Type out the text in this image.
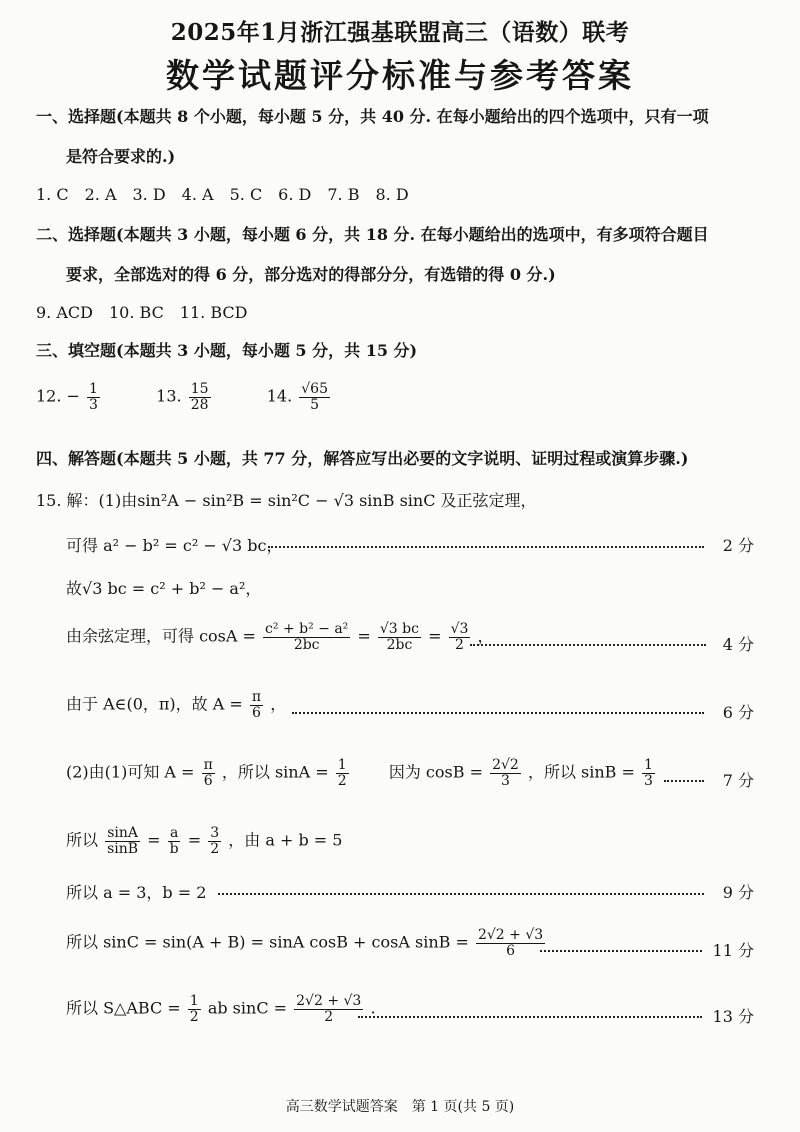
2025年1月浙江强基联盟高三（语数）联考
数学试题评分标准与参考答案
一、选择题(本题共 8 个小题，每小题 5 分，共 40 分. 在每小题给出的四个选项中，只有一项
是符合要求的.)
1. C　2. A　3. D　4. A　5. C　6. D　7. B　8. D
二、选择题(本题共 3 小题，每小题 6 分，共 18 分. 在每小题给出的选项中，有多项符合题目
要求，全部选对的得 6 分，部分选对的得部分分，有选错的得 0 分.)
9. ACD　10. BC　11. BCD
三、填空题(本题共 3 小题，每小题 5 分，共 15 分)
12. − $\frac{1}{3}$	13. $\frac{15}{28}$	14. $\frac{√65}{5}$
四、解答题(本题共 5 小题，共 77 分，解答应写出必要的文字说明、证明过程或演算步骤.)
15. 解：(1)由sin²A − sin²B = sin²C − √3 sinB sinC 及正弦定理，
可得 a² − b² = c² − √3 bc，	2 分
故√3 bc = c² + b² − a²，
由余弦定理，可得 $\cos A = \frac{\text{c² + b² − a²}}{2bc} = \frac{√3 bc}{2bc} = \frac{√3}{2}$ ，	4 分
由于 A∈(0，π)，故 $A = \frac{\pi}{6}$ ，	6 分
(2)由(1)可知 $A = \frac{\pi}{6}$ ，所以 $\sin A = \frac{1}{2}$	因为 $\cos B = \frac{2√2}{3}$ ，所以 $\sin B = \frac{1}{3}$	7 分
所以 $\frac{\sin A}{\sin B} = \frac{a}{b} = \frac{3}{2}$ ，由 a + b = 5
所以 a = 3，b = 2	9 分
所以 sinC = sin(A + B) = sinA cosB + cosA $\sin B = \frac{2√2 + √3}{6}$	11 分
所以 S△ABC = $\frac{1}{2}$ ab $\sin C = \frac{2√2 + √3}{2}$ .	13 分
高三数学试题答案　第 1 页(共 5 页)
